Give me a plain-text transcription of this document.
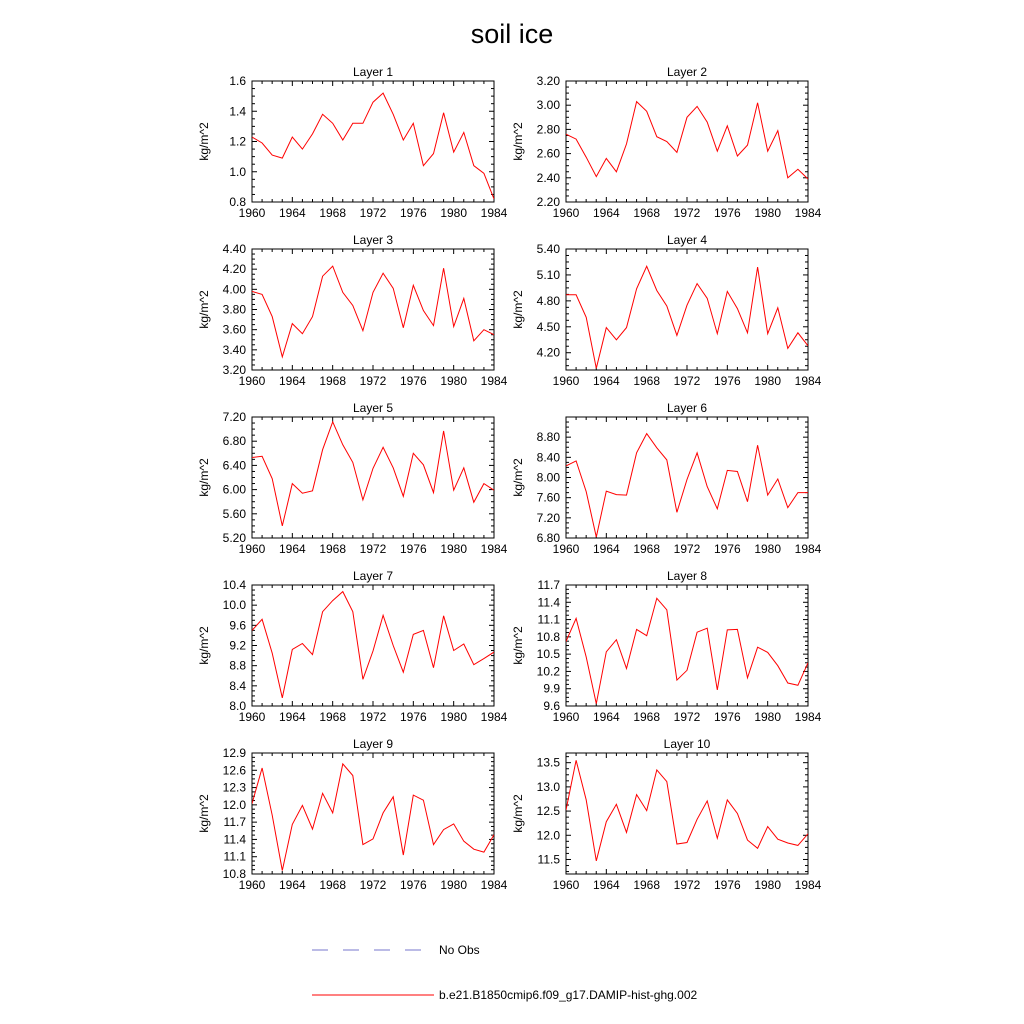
soil ice
Layer 1
1960 1964 1968 1972 1976 1980 1984
0.8
1.0
1.2
1.4
1.6
kg/m^2
Layer 2
1960 1964 1968 1972 1976 1980 1984
2.20
2.40
2.60
2.80
3.00
3.20
kg/m^2
Layer 3
1960 1964 1968 1972 1976 1980 1984
3.20
3.40
3.60
3.80
4.00
4.20
4.40
kg/m^2
Layer 4
1960 1964 1968 1972 1976 1980 1984
4.20
4.50
4.80
5.10
5.40
kg/m^2
Layer 5
1960 1964 1968 1972 1976 1980 1984
5.20
5.60
6.00
6.40
6.80
7.20
kg/m^2
Layer 6
1960 1964 1968 1972 1976 1980 1984
6.80
7.20
7.60
8.00
8.40
8.80
kg/m^2
Layer 7
1960 1964 1968 1972 1976 1980 1984
8.0
8.4
8.8
9.2
9.6
10.0
10.4
kg/m^2
Layer 8
1960 1964 1968 1972 1976 1980 1984
9.6
9.9
10.2
10.5
10.8
11.1
11.4
11.7
kg/m^2
Layer 9
1960 1964 1968 1972 1976 1980 1984
10.8
11.1
11.4
11.7
12.0
12.3
12.6
12.9
kg/m^2
Layer 10
1960 1964 1968 1972 1976 1980 1984
11.5
12.0
12.5
13.0
13.5
kg/m^2
No Obs
b.e21.B1850cmip6.f09_g17.DAMIP-hist-ghg.002
